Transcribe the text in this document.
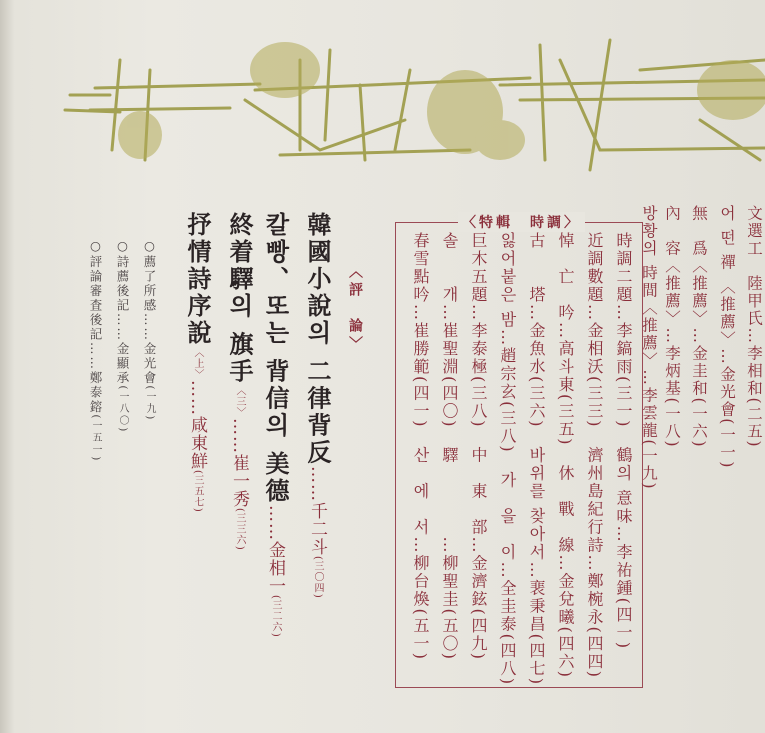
〈特輯　時調〉	文選工　陸甲氏…李相和(二五)
어 떤 禪 〈推薦〉…金光會(一一)
無　爲〈推薦〉…金圭和(一六)
內　容〈推薦〉…李炳基(一八)
방황의 時間〈推薦〉…李雲龍(一九)
時調二題…李鎬雨(三一)　鶴의 意味…李祐鍾(四一)
近調數題…金相沃(三三)　濟州島紀行詩…鄭椀永(四四)
悼　亡　吟…高斗東(三五)　休　戰　線…金兌曦(四六)
古　　塔…金魚水(三六)　바위를 찾아서…裵秉昌(四七)
잃어붙은 밤…趙宗玄(三八)　가　을　이…全圭泰(四八)
巨木五題…李泰極(三八)　中　東　部…金濟鉉(四九)
솔　　개…崔聖淵(四〇)　驛　　　　…柳聖圭(五〇)
春雪點吟…崔勝範(四一)　산　에　서…柳台煥(五一)
〈評　論〉
韓國小說의 二律背反……千二斗(三〇四)
칼빵、또는 背信의 美德……金相一(三二六)
終着驛의 旗手〈三〉……崔一秀(三三六)
抒情詩序說〈上〉……咸東鮮(三五七)
○薦了所感……金光會(一九)
○詩薦後記……金顯承(一八〇)
○評論審査後記……鄭泰鎔(一五一)
